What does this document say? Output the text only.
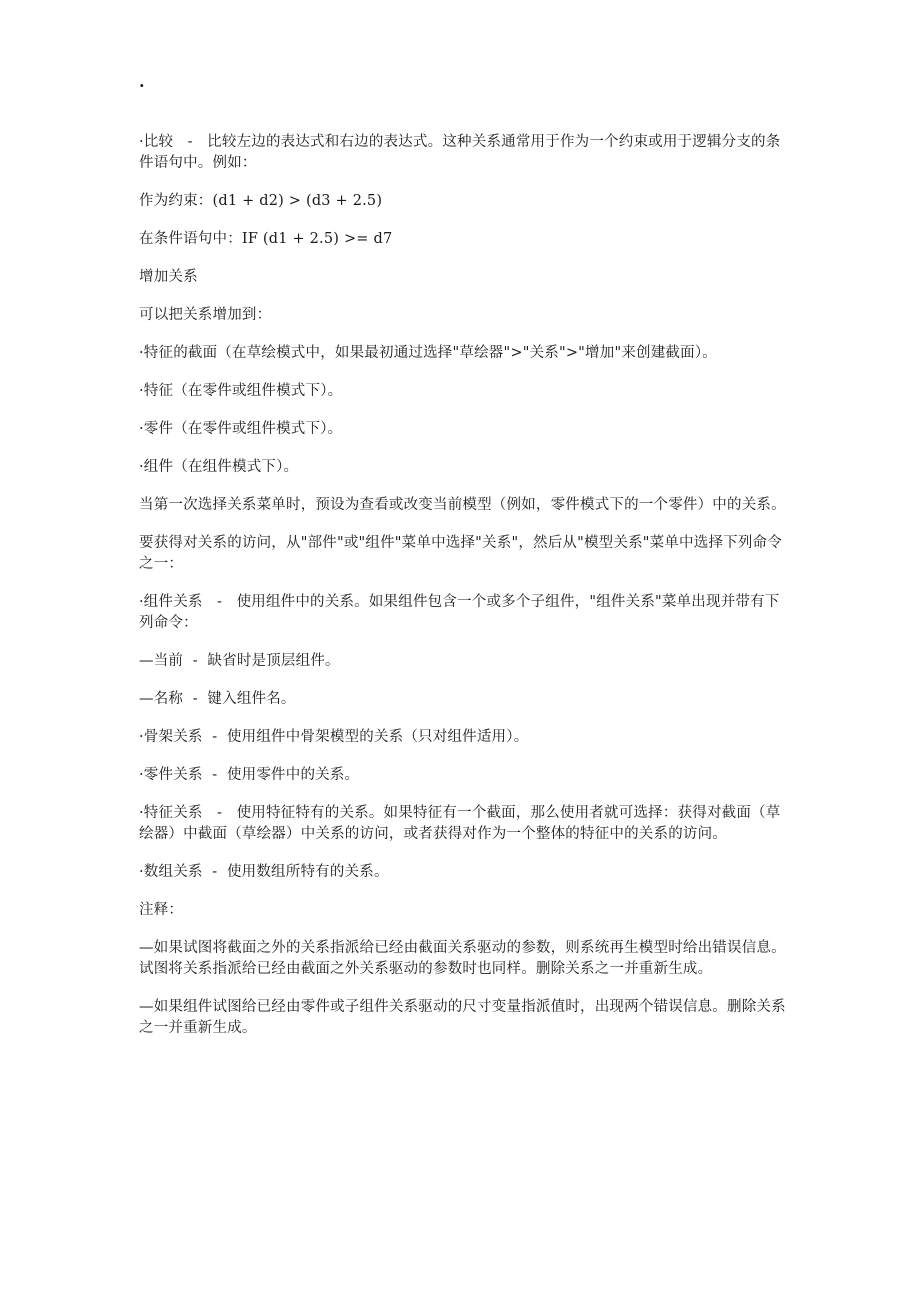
.

·比较   -   比较左边的表达式和右边的表达式。这种关系通常用于作为一个约束或用于逻辑分支的条件语句中。例如：

作为约束：(d1 + d2) > (d3 + 2.5)

在条件语句中：IF (d1 + 2.5) >= d7

增加关系

可以把关系增加到：

·特征的截面（在草绘模式中，如果最初通过选择"草绘器">"关系">"增加"来创建截面）。

·特征（在零件或组件模式下）。

·零件（在零件或组件模式下）。

·组件（在组件模式下）。

当第一次选择关系菜单时，预设为查看或改变当前模型（例如，零件模式下的一个零件）中的关系。

要获得对关系的访问，从"部件"或"组件"菜单中选择"关系"，然后从"模型关系"菜单中选择下列命令之一：

·组件关系   -   使用组件中的关系。如果组件包含一个或多个子组件，"组件关系"菜单出现并带有下列命令：

—当前  -  缺省时是顶层组件。

—名称  -  键入组件名。

·骨架关系  -  使用组件中骨架模型的关系（只对组件适用）。

·零件关系  -  使用零件中的关系。

·特征关系   -   使用特征特有的关系。如果特征有一个截面，那么使用者就可选择：获得对截面（草绘器）中截面（草绘器）中关系的访问，或者获得对作为一个整体的特征中的关系的访问。

·数组关系  -  使用数组所特有的关系。

注释：

—如果试图将截面之外的关系指派给已经由截面关系驱动的参数，则系统再生模型时给出错误信息。试图将关系指派给已经由截面之外关系驱动的参数时也同样。删除关系之一并重新生成。

—如果组件试图给已经由零件或子组件关系驱动的尺寸变量指派值时，出现两个错误信息。删除关系之一并重新生成。
